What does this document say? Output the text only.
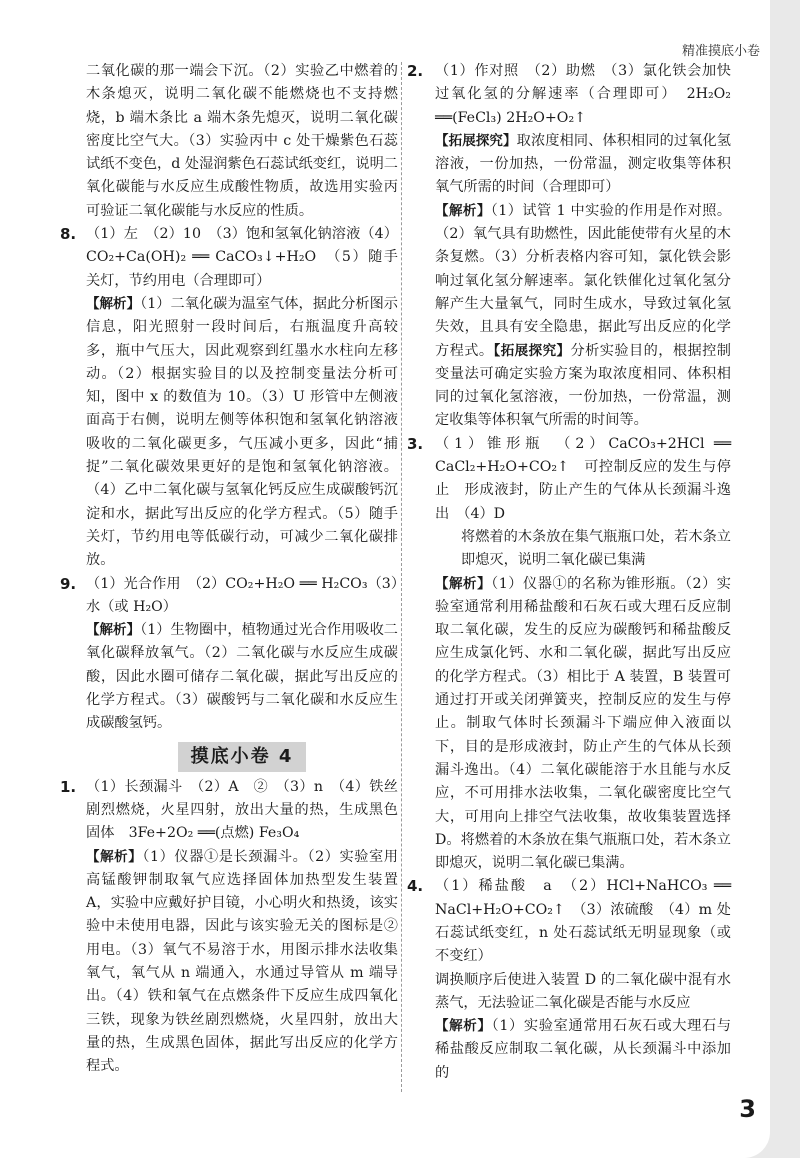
精准摸底小卷

二氧化碳的那一端会下沉。（2）实验乙中燃着的木条熄灭，说明二氧化碳不能燃烧也不支持燃烧，b 端木条比 a 端木条先熄灭，说明二氧化碳密度比空气大。（3）实验丙中 c 处干燥紫色石蕊试纸不变色，d 处湿润紫色石蕊试纸变红，说明二氧化碳能与水反应生成酸性物质，故选用实验丙可验证二氧化碳能与水反应的性质。

8. （1）左　（2）10　（3）饱和氢氧化钠溶液（4）CO₂+Ca(OH)₂ ══ CaCO₃↓+H₂O　（5）随手关灯，节约用电（合理即可）

【解析】（1）二氧化碳为温室气体，据此分析图示信息，阳光照射一段时间后，右瓶温度升高较多，瓶中气压大，因此观察到红墨水水柱向左移动。（2）根据实验目的以及控制变量法分析可知，图中 x 的数值为 10。（3）U 形管中左侧液面高于右侧，说明左侧等体积饱和氢氧化钠溶液吸收的二氧化碳更多，气压减小更多，因此“捕捉”二氧化碳效果更好的是饱和氢氧化钠溶液。（4）乙中二氧化碳与氢氧化钙反应生成碳酸钙沉淀和水，据此写出反应的化学方程式。（5）随手关灯，节约用电等低碳行动，可减少二氧化碳排放。

9. （1）光合作用　（2）CO₂+H₂O ══ H₂CO₃（3）水（或 H₂O）

【解析】（1）生物圈中，植物通过光合作用吸收二氧化碳释放氧气。（2）二氧化碳与水反应生成碳酸，因此水圈可储存二氧化碳，据此写出反应的化学方程式。（3）碳酸钙与二氧化碳和水反应生成碳酸氢钙。

摸底小卷 4
1. （1）长颈漏斗　（2）A　②　（3）n　（4）铁丝剧烈燃烧，火星四射，放出大量的热，生成黑色固体　3Fe+2O₂ ══(点燃) Fe₃O₄

【解析】（1）仪器①是长颈漏斗。（2）实验室用高锰酸钾制取氧气应选择固体加热型发生装置 A，实验中应戴好护目镜，小心明火和热烫，该实验中未使用电器，因此与该实验无关的图标是②用电。（3）氧气不易溶于水，用图示排水法收集氧气，氧气从 n 端通入，水通过导管从 m 端导出。（4）铁和氧气在点燃条件下反应生成四氧化三铁，现象为铁丝剧烈燃烧，火星四射，放出大量的热，生成黑色固体，据此写出反应的化学方程式。

2. （1）作对照　（2）助燃　（3）氯化铁会加快过氧化氢的分解速率（合理即可）　2H₂O₂ ══(FeCl₃) 2H₂O+O₂↑

【拓展探究】取浓度相同、体积相同的过氧化氢溶液，一份加热，一份常温，测定收集等体积氧气所需的时间（合理即可）

【解析】（1）试管 1 中实验的作用是作对照。（2）氧气具有助燃性，因此能使带有火星的木条复燃。（3）分析表格内容可知，氯化铁会影响过氧化氢分解速率。氯化铁催化过氧化氢分解产生大量氧气，同时生成水，导致过氧化氢失效，且具有安全隐患，据此写出反应的化学方程式。【拓展探究】分析实验目的，根据控制变量法可确定实验方案为取浓度相同、体积相同的过氧化氢溶液，一份加热，一份常温，测定收集等体积氧气所需的时间等。

3. （1）锥形瓶　（2）CaCO₃+2HCl ══ CaCl₂+H₂O+CO₂↑　可控制反应的发生与停止　形成液封，防止产生的气体从长颈漏斗逸出　（4）D

将燃着的木条放在集气瓶瓶口处，若木条立即熄灭，说明二氧化碳已集满

【解析】（1）仪器①的名称为锥形瓶。（2）实验室通常利用稀盐酸和石灰石或大理石反应制取二氧化碳，发生的反应为碳酸钙和稀盐酸反应生成氯化钙、水和二氧化碳，据此写出反应的化学方程式。（3）相比于 A 装置，B 装置可通过打开或关闭弹簧夹，控制反应的发生与停止。制取气体时长颈漏斗下端应伸入液面以下，目的是形成液封，防止产生的气体从长颈漏斗逸出。（4）二氧化碳能溶于水且能与水反应，不可用排水法收集，二氧化碳密度比空气大，可用向上排空气法收集，故收集装置选择 D。将燃着的木条放在集气瓶瓶口处，若木条立即熄灭，说明二氧化碳已集满。

4. （1）稀盐酸　a　（2）HCl+NaHCO₃ ══ NaCl+H₂O+CO₂↑　（3）浓硫酸　（4）m 处石蕊试纸变红，n 处石蕊试纸无明显现象（或不变红）

调换顺序后使进入装置 D 的二氧化碳中混有水蒸气，无法验证二氧化碳是否能与水反应

【解析】（1）实验室通常用石灰石或大理石与稀盐酸反应制取二氧化碳，从长颈漏斗中添加的

3
